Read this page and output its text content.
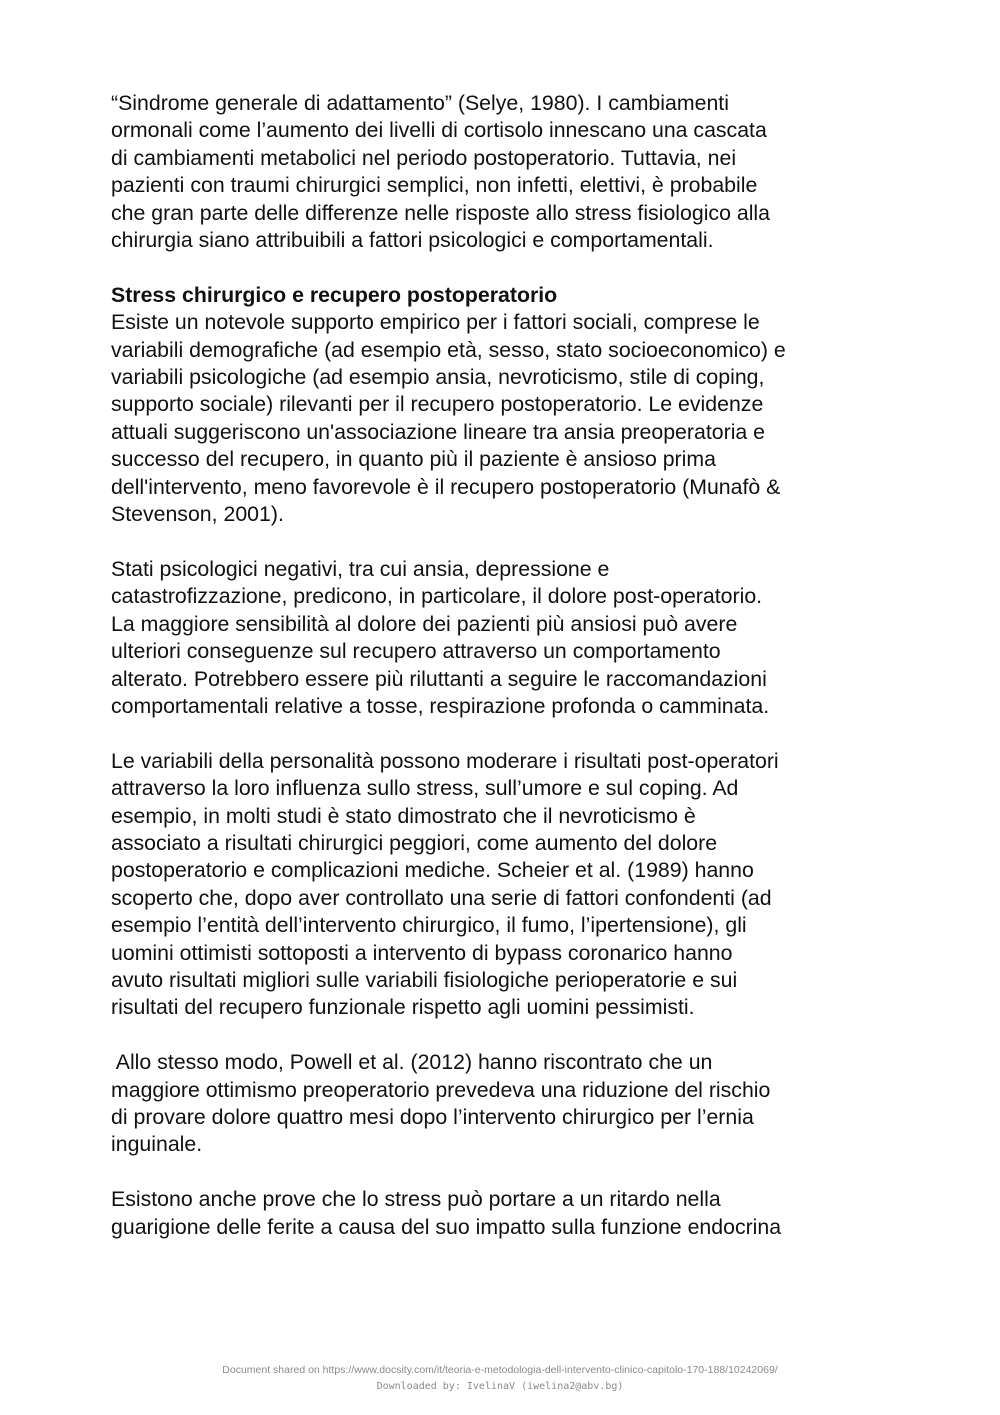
“Sindrome generale di adattamento” (Selye, 1980). I cambiamenti
ormonali come l’aumento dei livelli di cortisolo innescano una cascata
di cambiamenti metabolici nel periodo postoperatorio. Tuttavia, nei
pazienti con traumi chirurgici semplici, non infetti, elettivi, è probabile
che gran parte delle differenze nelle risposte allo stress fisiologico alla
chirurgia siano attribuibili a fattori psicologici e comportamentali.
Stress chirurgico e recupero postoperatorio
Esiste un notevole supporto empirico per i fattori sociali, comprese le
variabili demografiche (ad esempio età, sesso, stato socioeconomico) e
variabili psicologiche (ad esempio ansia, nevroticismo, stile di coping,
supporto sociale) rilevanti per il recupero postoperatorio. Le evidenze
attuali suggeriscono un'associazione lineare tra ansia preoperatoria e
successo del recupero, in quanto più il paziente è ansioso prima
dell'intervento, meno favorevole è il recupero postoperatorio (Munafò &
Stevenson, 2001).
Stati psicologici negativi, tra cui ansia, depressione e
catastrofizzazione, predicono, in particolare, il dolore post-operatorio.
La maggiore sensibilità al dolore dei pazienti più ansiosi può avere
ulteriori conseguenze sul recupero attraverso un comportamento
alterato. Potrebbero essere più riluttanti a seguire le raccomandazioni
comportamentali relative a tosse, respirazione profonda o camminata.
Le variabili della personalità possono moderare i risultati post-operatori
attraverso la loro influenza sullo stress, sull’umore e sul coping. Ad
esempio, in molti studi è stato dimostrato che il nevroticismo è
associato a risultati chirurgici peggiori, come aumento del dolore
postoperatorio e complicazioni mediche. Scheier et al. (1989) hanno
scoperto che, dopo aver controllato una serie di fattori confondenti (ad
esempio l’entità dell’intervento chirurgico, il fumo, l’ipertensione), gli
uomini ottimisti sottoposti a intervento di bypass coronarico hanno
avuto risultati migliori sulle variabili fisiologiche perioperatorie e sui
risultati del recupero funzionale rispetto agli uomini pessimisti.
Allo stesso modo, Powell et al. (2012) hanno riscontrato che un
maggiore ottimismo preoperatorio prevedeva una riduzione del rischio
di provare dolore quattro mesi dopo l’intervento chirurgico per l’ernia
inguinale.
Esistono anche prove che lo stress può portare a un ritardo nella
guarigione delle ferite a causa del suo impatto sulla funzione endocrina
Document shared on https://www.docsity.com/it/teoria-e-metodologia-dell-intervento-clinico-capitolo-170-188/10242069/
Downloaded by: IvelinaV (iwelina2@abv.bg)
